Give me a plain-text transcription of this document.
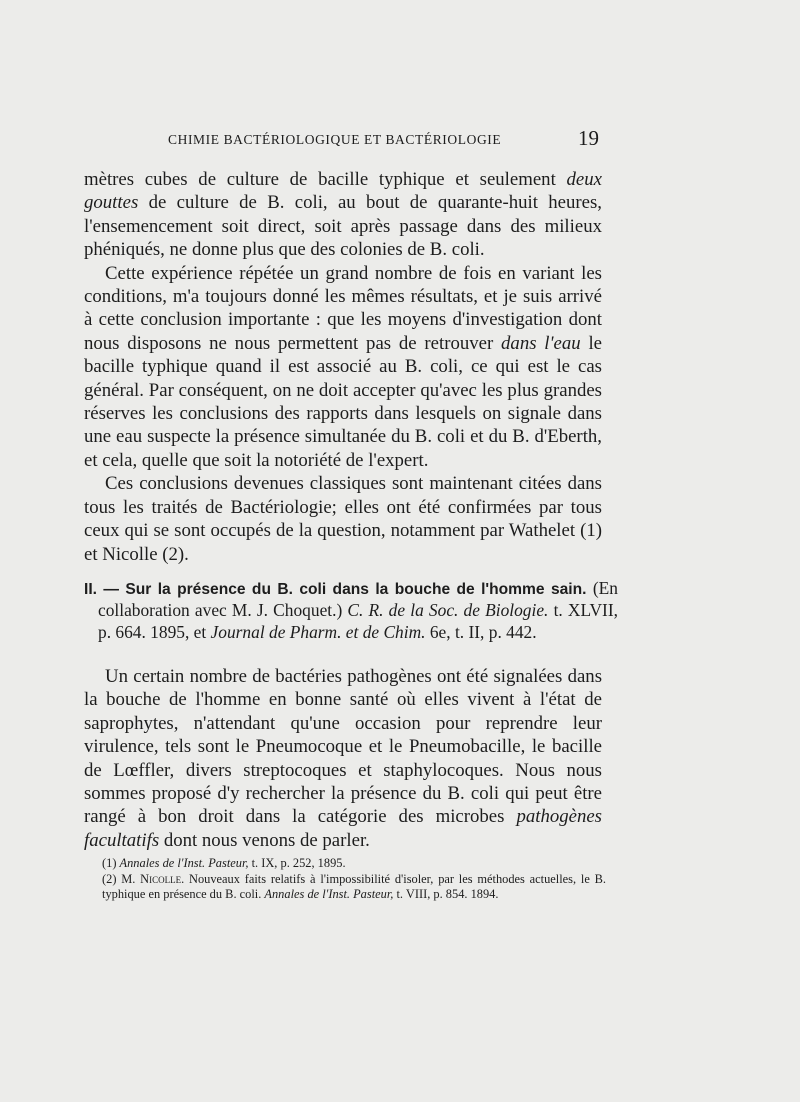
CHIMIE BACTÉRIOLOGIQUE ET BACTÉRIOLOGIE	19

mètres cubes de culture de bacille typhique et seulement deux gouttes de culture de B. coli, au bout de quarante-huit heures, l'ensemencement soit direct, soit après passage dans des milieux phéniqués, ne donne plus que des colonies de B. coli.

Cette expérience répétée un grand nombre de fois en variant les conditions, m'a toujours donné les mêmes résultats, et je suis arrivé à cette conclusion importante : que les moyens d'investigation dont nous disposons ne nous permettent pas de retrouver dans l'eau le bacille typhique quand il est associé au B. coli, ce qui est le cas général. Par conséquent, on ne doit accepter qu'avec les plus grandes réserves les conclusions des rapports dans lesquels on signale dans une eau suspecte la présence simultanée du B. coli et du B. d'Eberth, et cela, quelle que soit la notoriété de l'expert.

Ces conclusions devenues classiques sont maintenant citées dans tous les traités de Bactériologie; elles ont été confirmées par tous ceux qui se sont occupés de la question, notamment par Wathelet (1) et Nicolle (2).

II. — Sur la présence du B. coli dans la bouche de l'homme sain. (En collaboration avec M. J. Choquet.) C. R. de la Soc. de Biologie. t. XLVII, p. 664. 1895, et Journal de Pharm. et de Chim. 6e, t. II, p. 442.

Un certain nombre de bactéries pathogènes ont été signalées dans la bouche de l'homme en bonne santé où elles vivent à l'état de saprophytes, n'attendant qu'une occasion pour reprendre leur virulence, tels sont le Pneumocoque et le Pneumobacille, le bacille de Lœffler, divers streptocoques et staphylocoques. Nous nous sommes proposé d'y rechercher la présence du B. coli qui peut être rangé à bon droit dans la catégorie des microbes pathogènes facultatifs dont nous venons de parler.

(1) Annales de l'Inst. Pasteur, t. IX, p. 252, 1895.

(2) M. Nicolle. Nouveaux faits relatifs à l'impossibilité d'isoler, par les méthodes actuelles, le B. typhique en présence du B. coli. Annales de l'Inst. Pasteur, t. VIII, p. 854. 1894.
